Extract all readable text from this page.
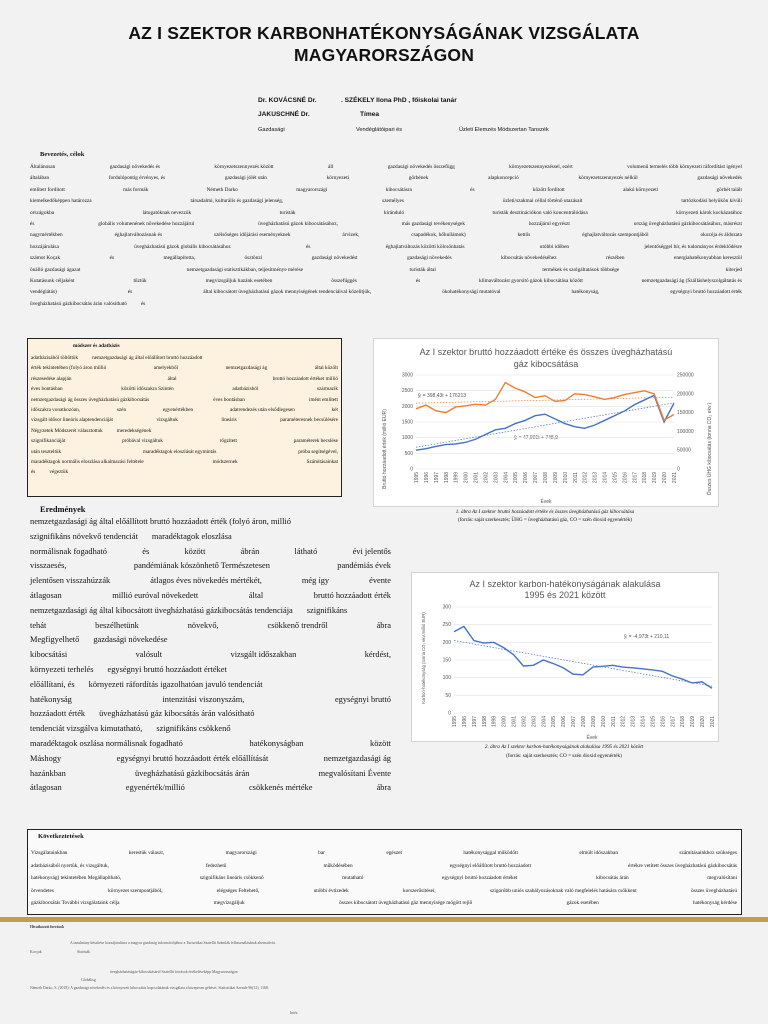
AZ I SZEKTOR KARBONHATÉKONYSÁGÁNAK VIZSGÁLATA
MAGYARORSZÁGON
Dr. KOVÁCSNÉ Dr.	. SZÉKELY Ilona PhD , főiskolai tanár
JAKUSCHNÉ Dr.	Tímea
Gazdasági	Vendéglátóipari és	Üzleti Elemzés Módszertan Tanszék
Bevezetés, célok
Általánosan	gazdasági növekedés és	környezetszennyezés között	áll	gazdasági növekedés összefügg	környezetszennyezéssel, ezért	volumenű termelés több környezeti ráfordítást igényel
általában	fordulópontig érvényes, és	gazdasági jólét után	környezeti	görbének	alapkoncepció	környezetszennyezés nélkül	gazdasági növekedés
említett fordított	más formák	Németh Darko	magyarországi	kibocsátásra	és	között fordított	alakú környezeti	görbét talált
kiemelkedőképpen határozza	társadalmi, kulturális és gazdasági jelenség,	személyes	üzleti/szakmai céllal történő utazásait	tartózkodási helyükön kívüli
országokba	látogatóknak nevezzük	turisták	kiránduló	turisták desztinációkon való koncentrálódása	környezeti károk kockázatához
és	globális volumenének növekedése hozzájárul	üvegházhatású gázok kibocsátásához,	más gazdasági tevékenységek	hozzájárul egyrészt	ország üvegházhatású gázkibocsátásához, másrészt
nagymértékben	éghajlatváltozásnak és	szélsőséges időjárási eseményeknek	árvizek,	csapadékok, hőhullámok)	kettős	éghajlatváltozás szempontjából	okozója és áldozata
hozzájárulása	üvegházhatású gázok globális kibocsátásához	és	éghajlatváltozás közötti kölcsönhatás	utóbbi időben	jelentőséggel bír, és tudományos érdeklődésre
számot Koçak	és	megállapította,	ösztönzi	gazdasági növekedést	gazdasági növekedés	kibocsátás növekedéséhez	részében	energiahatékonyabban keresztül
önálló gazdasági ágazat	nemzetgazdasági statisztikákban, teljesítménye mérése	turisták által	termékek és szolgáltatások többsége	kiterjed
Kutatásunk céljaként	tűztük	megvizsgáljuk hazánk esetében	összefüggés	és	klímaváltozást gyorsító gázok kibocsátása között	nemzetgazdasági ág (Szálláshelyszolgáltatás és
vendéglátás)	és	által kibocsátott üvegházhatású gázok mennyiségének tendenciáival közelítjük,	ökohatékonysági mutatóval	hatékonyság,	egységnyi bruttó hozzáadott érték
üvegházhatású gázkibocsátás árán valósítható	és
módszer és adatbázis
adatbázisából töltöttük	nemzetgazdasági ág által előállított bruttó hozzáadott
érték tekintetében (folyó áron millió	amelyekből	nemzetgazdasági ág	által közölt
részesedése alapján	által	bruttó hozzáadott értéket millió
éves bontásban	közötti időszakra Szintén	adatbázisból	származik
nemzetgazdasági ág összes üvegházhatású gázkibocsátás	éves bontásban	imént említett
időszakra vonatkozóan,	szén	egyenértékben	adatrendezés után elsődlegesen	két
vizsgált idősor lineáris alaptendenciáját	vizsgáltuk	lineáris	paraméteresnek becsülésére
Négyzetek Módszerét választottuk	meredekségének
szignifikanciáját	próbával vizsgáltuk	rögzített	paraméterek becslése
után teszteltük	maradéktagok eloszlását egymintás	próba segítségével,
maradéktagok normális eloszlása alkalmazási feltétele	módszernek	Számításainkat
és	végeztük
Az I szektor bruttó hozzáadott értéke és összes üvegházhatású
gáz kibocsátása
Bruttó hozzáadott érték (millió EUR)	Összes ÜHG kibocsátás (tonna CO₂ ekv.)
Évek
ŷᵢ = 398,43t + 176213
ŷᵢ = 47,901t + 748,9
0
500
1000
1500
2000
2500
3000
0
50000
100000
150000
200000
250000
1995 1996 1997 1998 1999 2000 2001 2002 2003 2004 2005 2006 2007 2008 2009 2010 2011 2012 2013 2014 2015 2016 2017 2018 2019 2020 2021
1. ábra Az I szektor bruttó hozzáadott értéke és összes üvegházhatású gáz kibocsátása
(forrás: saját szerkesztés; ÜHG = üvegházhatású gáz, CO = szén dioxid egyenérték)
Eredmények
nemzetgazdasági ág által előállított bruttó hozzáadott érték (folyó áron, millió
szignifikáns növekvő tendenciát maradéktagok eloszlása
normálisnak fogadható	és	között	ábrán	látható	évi jelentős
visszaesés,	pandémiának köszönhető Természetesen	pandémiás évek
jelentősen visszahúzzák	átlagos éves növekedés mértékét,	még így	évente
átlagosan	millió euróval növekedett	által	bruttó hozzáadott érték
nemzetgazdasági ág által kibocsátott üvegházhatású gázkibocsátás tendenciája szignifikáns
tehát	beszélhetünk	növekvő,	csökkenő trendről	ábra
Megfigyelhető gazdasági növekedése
kibocsátási	valósult	vizsgált időszakban	kérdést,
környezeti terhelés egységnyi bruttó hozzáadott értéket
előállítani, és környezeti ráfordítás igazolhatóan javuló tendenciát
hatékonyság	intenzitási viszonyszám,	egységnyi bruttó
hozzáadott érték üvegházhatású gáz kibocsátás árán valósítható
tendenciát vizsgálva kimutatható, szignifikáns csökkenő
maradéktagok oszlása normálisnak fogadható	hatékonyságban	között
Máshogy	egységnyi bruttó hozzáadott érték előállítását	nemzetgazdasági ág
hazánkban	üvegházhatású gázkibocsátás árán	megvalósítani Évente
átlagosan	egyenérték/millió	csökkenés mértéke	ábra
Az I szektor karbon-hatékonyságának alakulása
1995 és 2021 között
Karbon-hatékonyság (tonna CO₂ ekv./millió EUR)
Évek
ŷᵢ = -4,973t + 210,11
0
50
100
150
200
250
300
1995 1996 1997 1998 1999 2000 2001 2002 2003 2004 2005 2006 2007 2008 2009 2010 2011 2012 2013 2014 2015 2016 2017 2018 2019 2020 2021
2. ábra Az I szektor karbon-hatékonyságának alakulása 1995 és 2021 között
(forrás: saját szerkesztés; CO = szén dioxid egyenérték)
Következtetések
Vizsgálatainkban	kerestük választ,	magyarországi	bar	egészet	hatékonysággal működött	elmúlt időszakban	számításainkhoz szükséges
adatbázisából nyertük, és vizsgáltuk,	fedezhető	működésében	egységnyi előállított bruttó hozzáadott	értékre vetített összes üvegházhatású gázkibocsátás
hatékonyság) tekintetében Megállapítható,	szignifikáns lineáris csökkenő	mutatható	egységnyi bruttó hozzáadott értéket	kibocsátás árán	megvalósítani
örvendetes	környezet szempontjából,	elégséges Feltehető,	utóbbi évtizedek	korszerűsítései,	szigorúbb uniós szabályozásoknak való megfelelés hatására csökkent	összes üvegházhatású
gázkibocsátás További vizsgálataink célja	megvizsgáljuk	összes kibocsátott üvegházhatású gáz mennyisége mögött rejlő	gázok esetében	hatékonyság kérdése
Hivatkozott források
A tanulmány készítése hozzájárulásra a magyar gazdaság információjához a Turisztikai Szatellit Számlák felhasználásának alternatívái.
Kocçak	Statisták
Globálisg
üvegházhatásúgáz-kibocsátásáról Szatellit források értékeléseképp Magyarországon
Németh Darko, S. (2018): A gazdasági növekedés és a környezeti kibocsátás kapcsolatának vizsgálata a közepesen gébéset. Statisztikai Szemle 96(12), 1168.
Intéz
